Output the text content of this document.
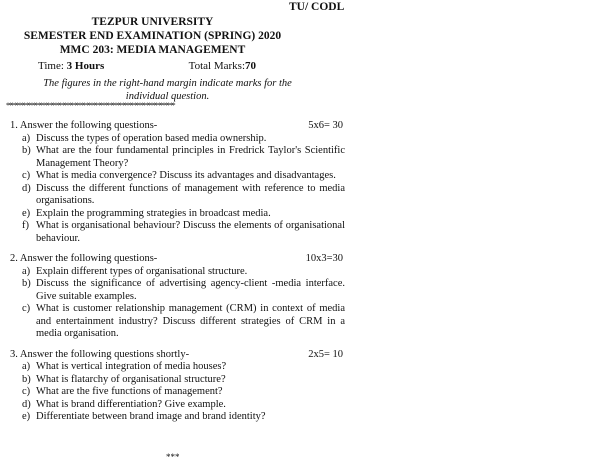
TU/ CODL
TEZPUR UNIVERSITY
SEMESTER END EXAMINATION (SPRING) 2020
MMC 203: MEDIA MANAGEMENT
Time: 3 Hours	Total Marks:70
The figures in the right-hand margin indicate marks for the individual question.
**********************************************************************
1. Answer the following questions-	5x6= 30
a) Discuss the types of operation based media ownership.
b) What are the four fundamental principles in Fredrick Taylor's Scientific Management Theory?
c) What is media convergence? Discuss its advantages and disadvantages.
d) Discuss the different functions of management with reference to media organisations.
e) Explain the programming strategies in broadcast media.
f) What is organisational behaviour? Discuss the elements of organisational behaviour.
2. Answer the following questions-	10x3=30
a) Explain different types of organisational structure.
b) Discuss the significance of advertising agency-client -media interface. Give suitable examples.
c) What is customer relationship management (CRM) in context of media and entertainment industry? Discuss different strategies of CRM in a media organisation.
3. Answer the following questions shortly-	2x5= 10
a) What is vertical integration of media houses?
b) What is flatarchy of organisational structure?
c) What are the five functions of management?
d) What is brand differentiation? Give example.
e) Differentiate between brand image and brand identity?
***
